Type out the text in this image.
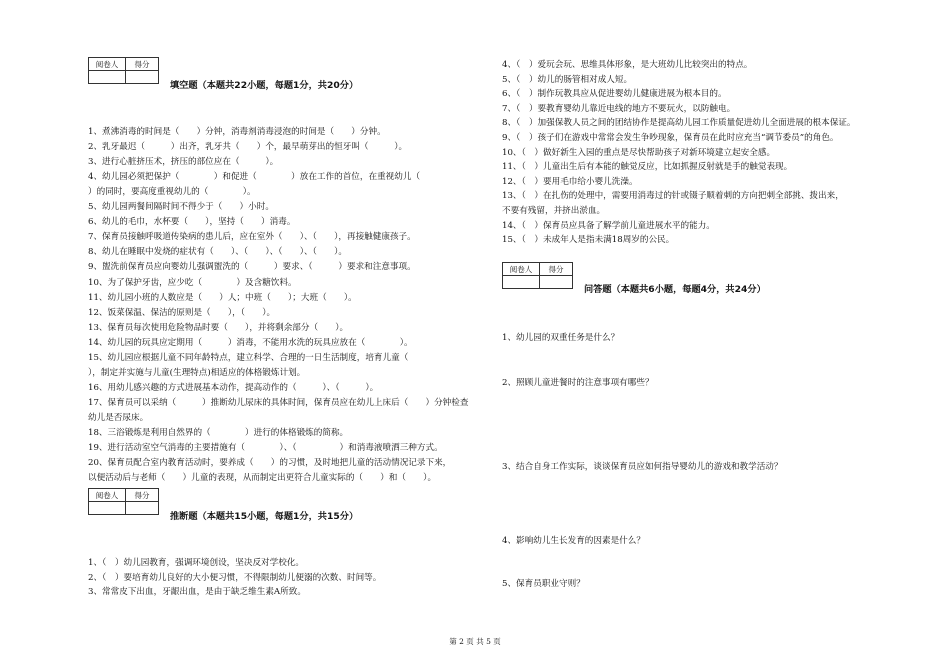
阅卷人	得分

填空题（本题共22小题，每题1分，共20分）
1、煮沸消毒的时间是（　　）分钟，消毒剂消毒浸泡的时间是（　　）分钟。
2、乳牙最迟（　　　）出齐，乳牙共（　　）个，最早萌芽出的恒牙叫（　　　）。
3、进行心脏挤压术，挤压的部位应在（　　　）。
4、幼儿园必须把保护（　　　　）和促进（　　　　）放在工作的首位，在重视幼儿（
）的同时，要高度重视幼儿的（　　　　）。
5、幼儿园两餐间隔时间不得少于（　　）小时。
6、幼儿的毛巾，水杯要（　　），坚持（　　）消毒。
7、保育员接触呼吸道传染病的患儿后，应在室外（　　）、（　　），再接触健康孩子。
8、幼儿在睡眠中发烧的症状有（　　）、（　　）、（　　）、（　　）。
9、盥洗前保育员应向婴幼儿强调盥洗的（　　　）要求、（　　　）要求和注意事项。
10、为了保护牙齿，应少吃（　　　　）及含糖饮料。
11、幼儿园小班的人数应是（　　）人；中班（　　）；大班（　　）。
12、饭菜保温、保洁的原则是（　　），（　　）。
13、保育员每次使用危险物品时要（　　），并将剩余部分（　　）。
14、幼儿园的玩具应定期用（　　　）消毒，不能用水洗的玩具应放在（　　　　）。
15、幼儿园应根据儿童不同年龄特点，建立科学、合理的一日生活制度，培育儿童（
），制定并实施与儿童(生理特点)相适应的体格锻炼计划。
16、用幼儿感兴趣的方式进展基本动作，提高动作的（　　　）、（　　　）。
17、保育员可以采纳（　　　）推断幼儿尿床的具体时间，保育员应在幼儿上床后（　　）分钟检查
幼儿是否尿床。
18、三浴锻炼是利用自然界的（　　　　）进行的体格锻炼的简称。
19、进行活动室空气消毒的主要措施有（　　　　）、（　　　　　）和消毒液喷洒三种方式。
20、保育员配合室内教育活动时，要养成（　　）的习惯，及时地把儿童的活动情况记录下来，
以便活动后与老师（　　）儿童的表现，从而制定出更符合儿童实际的（　　）和（　　）。
阅卷人	得分

推断题（本题共15小题，每题1分，共15分）
1、（　）幼儿园教育，强调环境创设，坚决反对学校化。
2、（　）要培育幼儿良好的大小便习惯，不得限制幼儿便溺的次数、时间等。
3、常常皮下出血，牙龈出血，是由于缺乏维生素A所致。
4、（　）爱玩会玩、思维具体形象，是大班幼儿比较突出的特点。
5、（　）幼儿的肠管相对成人短。
6、（　）制作玩教具应从促进婴幼儿健康进展为根本目的。
7、（　）要教育婴幼儿靠近电线的地方不要玩火，以防触电。
8、（　）加强保教人员之间的团结协作是提高幼儿园工作质量促进幼儿全面进展的根本保证。
9、（　）孩子们在游戏中常常会发生争吵现象，保育员在此时应充当“调节委员”的角色。
10、（　）做好新生入园的重点是尽快帮助孩子对新环境建立起安全感。
11、（　）儿童出生后有本能的触觉反应，比如抓握反射就是手的触觉表现。
12、（　）要用毛巾给小婴儿洗澡。
13、（　）在扎伤的处理中，需要用消毒过的针或镊子顺着刺的方向把刺全部挑、拨出来，
不要有残留，并挤出淤血。
14、（　）保育员应具备了解学前儿童进展水平的能力。
15、（　）未成年人是指未满18周岁的公民。
阅卷人	得分

问答题（本题共6小题，每题4分，共24分）
1、幼儿园的双重任务是什么？
2、照顾儿童进餐时的注意事项有哪些？
3、结合自身工作实际，谈谈保育员应如何指导婴幼儿的游戏和教学活动？
4、影响幼儿生长发育的因素是什么？
5、保育员职业守则？
第 2 页 共 5 页
